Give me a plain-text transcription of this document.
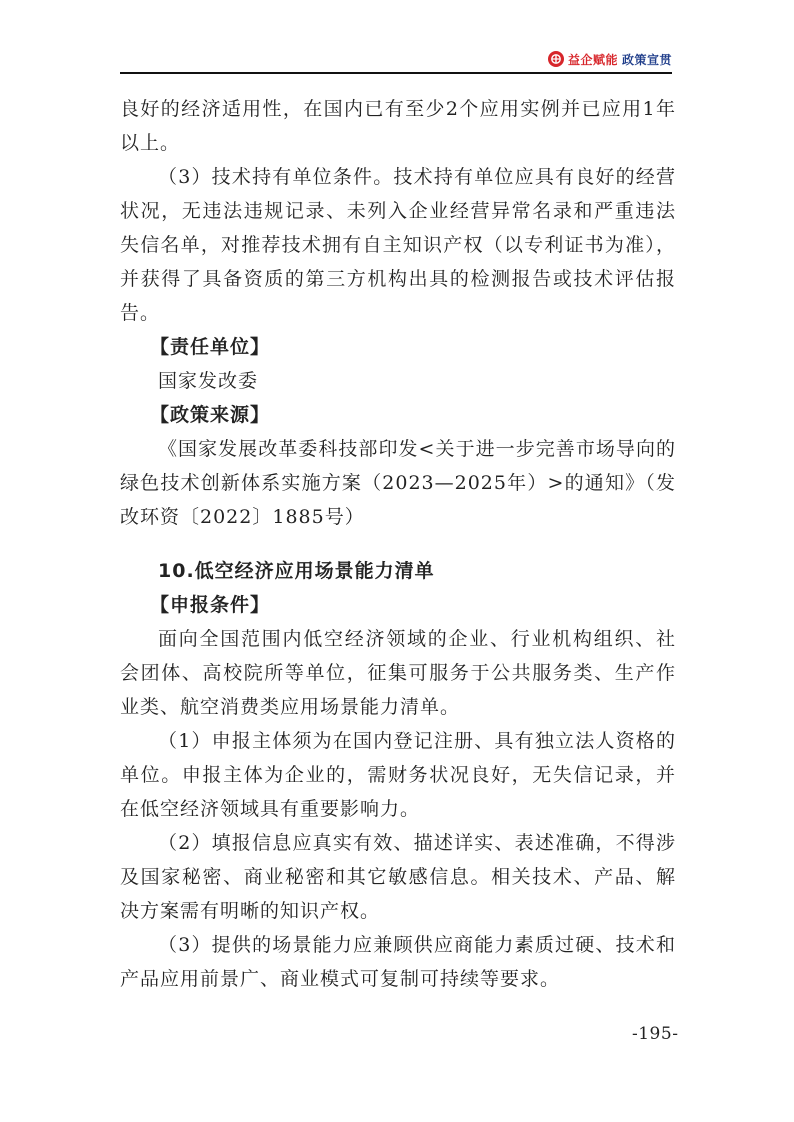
益企赋能 政策宣贯

良好的经济适用性，在国内已有至少2个应用实例并已应用1年以上。

（3）技术持有单位条件。技术持有单位应具有良好的经营状况，无违法违规记录、未列入企业经营异常名录和严重违法失信名单，对推荐技术拥有自主知识产权（以专利证书为准），并获得了具备资质的第三方机构出具的检测报告或技术评估报告。

【责任单位】

国家发改委

【政策来源】

《国家发展改革委科技部印发<关于进一步完善市场导向的绿色技术创新体系实施方案（2023—2025年）>的通知》（发改环资〔2022〕1885号）

10.低空经济应用场景能力清单

【申报条件】

面向全国范围内低空经济领域的企业、行业机构组织、社会团体、高校院所等单位，征集可服务于公共服务类、生产作业类、航空消费类应用场景能力清单。

（1）申报主体须为在国内登记注册、具有独立法人资格的单位。申报主体为企业的，需财务状况良好，无失信记录，并在低空经济领域具有重要影响力。

（2）填报信息应真实有效、描述详实、表述准确，不得涉及国家秘密、商业秘密和其它敏感信息。相关技术、产品、解决方案需有明晰的知识产权。

（3）提供的场景能力应兼顾供应商能力素质过硬、技术和产品应用前景广、商业模式可复制可持续等要求。

-195-
